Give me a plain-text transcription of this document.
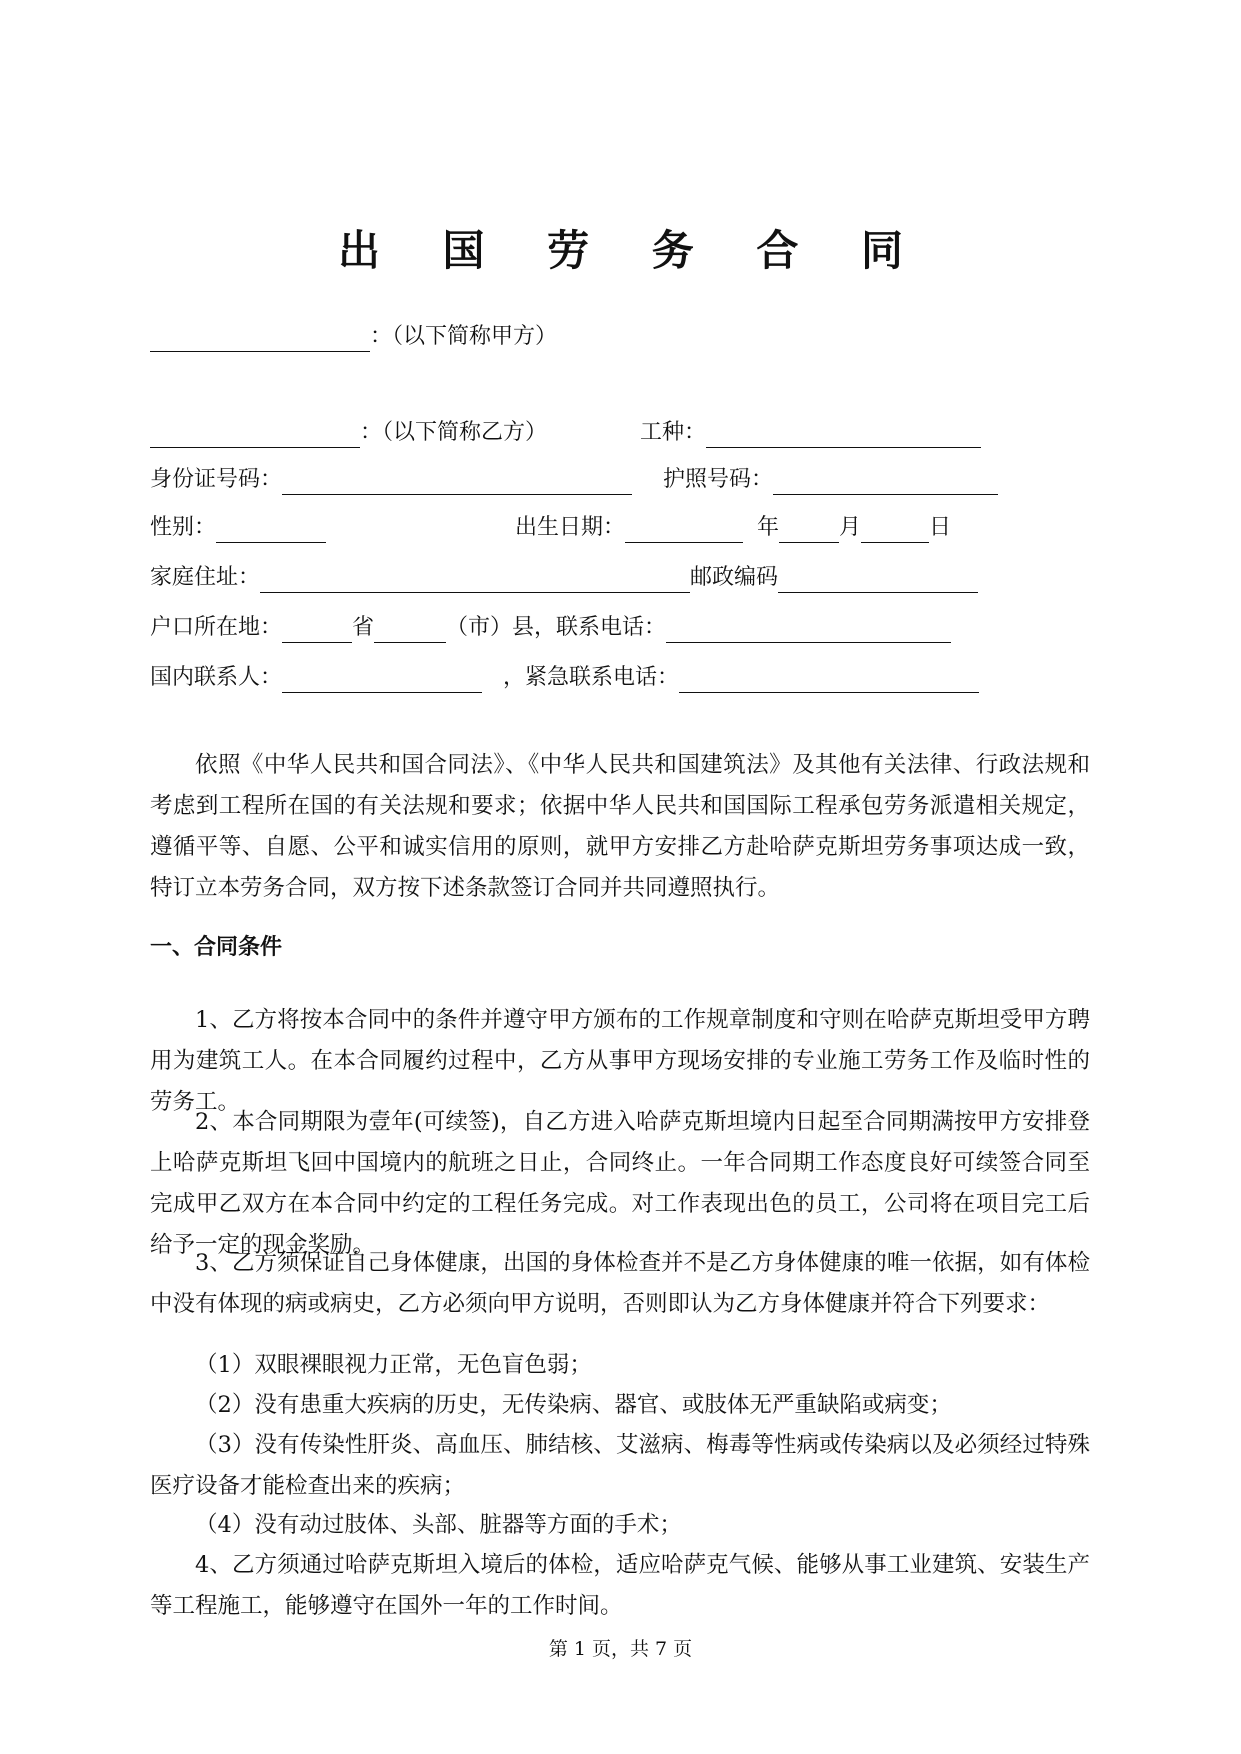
出 国 劳 务 合 同
：（以下简称甲方）
：（以下简称乙方）	工种：
身份证号码：	护照号码：
性别：	出生日期：	年	月	日
家庭住址：	邮政编码
户口所在地：	省	（市）县，联系电话：
国内联系人：	，紧急联系电话：
依照《中华人民共和国合同法》、《中华人民共和国建筑法》及其他有关法律、行政法规和考虑到工程所在国的有关法规和要求；依据中华人民共和国国际工程承包劳务派遣相关规定，遵循平等、自愿、公平和诚实信用的原则，就甲方安排乙方赴哈萨克斯坦劳务事项达成一致，特订立本劳务合同，双方按下述条款签订合同并共同遵照执行。
一、合同条件
1、乙方将按本合同中的条件并遵守甲方颁布的工作规章制度和守则在哈萨克斯坦受甲方聘用为建筑工人。在本合同履约过程中，乙方从事甲方现场安排的专业施工劳务工作及临时性的劳务工。
2、本合同期限为壹年(可续签)，自乙方进入哈萨克斯坦境内日起至合同期满按甲方安排登上哈萨克斯坦飞回中国境内的航班之日止，合同终止。一年合同期工作态度良好可续签合同至完成甲乙双方在本合同中约定的工程任务完成。对工作表现出色的员工，公司将在项目完工后给予一定的现金奖励。
3、乙方须保证自己身体健康，出国的身体检查并不是乙方身体健康的唯一依据，如有体检中没有体现的病或病史，乙方必须向甲方说明，否则即认为乙方身体健康并符合下列要求：
（1）双眼裸眼视力正常，无色盲色弱；
（2）没有患重大疾病的历史，无传染病、器官、或肢体无严重缺陷或病变；
（3）没有传染性肝炎、高血压、肺结核、艾滋病、梅毒等性病或传染病以及必须经过特殊医疗设备才能检查出来的疾病；
（4）没有动过肢体、头部、脏器等方面的手术；
4、乙方须通过哈萨克斯坦入境后的体检，适应哈萨克气候、能够从事工业建筑、安装生产等工程施工，能够遵守在国外一年的工作时间。
第 1 页，共 7 页
